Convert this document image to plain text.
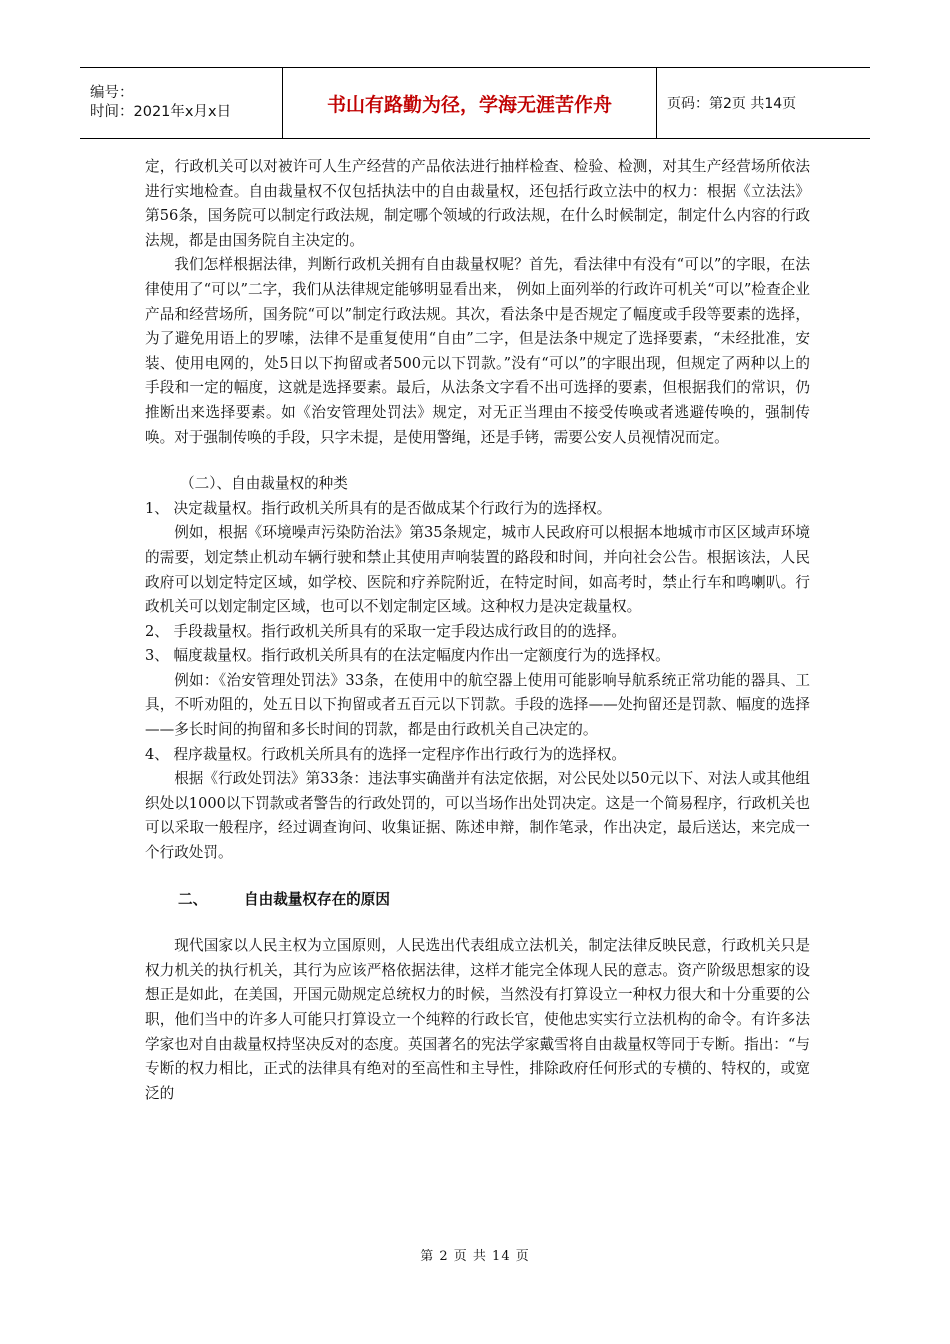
编号：
时间：2021年x月x日	书山有路勤为径，学海无涯苦作舟	页码：第2页 共14页

定，行政机关可以对被许可人生产经营的产品依法进行抽样检查、检验、检测，对其生产经营场所依法进行实地检查。自由裁量权不仅包括执法中的自由裁量权，还包括行政立法中的权力：根据《立法法》第56条，国务院可以制定行政法规，制定哪个领域的行政法规，在什么时候制定，制定什么内容的行政法规，都是由国务院自主决定的。

我们怎样根据法律，判断行政机关拥有自由裁量权呢？首先，看法律中有没有“可以”的字眼，在法律使用了“可以”二字，我们从法律规定能够明显看出来， 例如上面列举的行政许可机关“可以”检查企业产品和经营场所，国务院“可以”制定行政法规。其次，看法条中是否规定了幅度或手段等要素的选择，为了避免用语上的罗嗦，法律不是重复使用“自由”二字，但是法条中规定了选择要素，“未经批准，安装、使用电网的，处5日以下拘留或者500元以下罚款。”没有“可以”的字眼出现，但规定了两种以上的手段和一定的幅度，这就是选择要素。最后，从法条文字看不出可选择的要素，但根据我们的常识，仍推断出来选择要素。如《治安管理处罚法》规定，对无正当理由不接受传唤或者逃避传唤的，强制传唤。对于强制传唤的手段，只字未提，是使用警绳，还是手铐，需要公安人员视情况而定。

（二）、自由裁量权的种类

1、 决定裁量权。指行政机关所具有的是否做成某个行政行为的选择权。

例如，根据《环境噪声污染防治法》第35条规定，城市人民政府可以根据本地城市市区区域声环境的需要，划定禁止机动车辆行驶和禁止其使用声响装置的路段和时间，并向社会公告。根据该法，人民政府可以划定特定区域，如学校、医院和疗养院附近，在特定时间，如高考时，禁止行车和鸣喇叭。行政机关可以划定制定区域，也可以不划定制定区域。这种权力是决定裁量权。

2、 手段裁量权。指行政机关所具有的采取一定手段达成行政目的的选择。

3、 幅度裁量权。指行政机关所具有的在法定幅度内作出一定额度行为的选择权。

例如：《治安管理处罚法》33条，在使用中的航空器上使用可能影响导航系统正常功能的器具、工具，不听劝阻的，处五日以下拘留或者五百元以下罚款。手段的选择——处拘留还是罚款、幅度的选择——多长时间的拘留和多长时间的罚款，都是由行政机关自己决定的。

4、 程序裁量权。行政机关所具有的选择一定程序作出行政行为的选择权。

根据《行政处罚法》第33条：违法事实确凿并有法定依据，对公民处以50元以下、对法人或其他组织处以1000以下罚款或者警告的行政处罚的，可以当场作出处罚决定。这是一个简易程序，行政机关也可以采取一般程序，经过调查询问、收集证据、陈述申辩，制作笔录，作出决定，最后送达，来完成一个行政处罚。

二、	自由裁量权存在的原因

现代国家以人民主权为立国原则，人民选出代表组成立法机关，制定法律反映民意，行政机关只是权力机关的执行机关，其行为应该严格依据法律，这样才能完全体现人民的意志。资产阶级思想家的设想正是如此，在美国，开国元勋规定总统权力的时候，当然没有打算设立一种权力很大和十分重要的公职，他们当中的许多人可能只打算设立一个纯粹的行政长官，使他忠实实行立法机构的命令。有许多法学家也对自由裁量权持坚决反对的态度。英国著名的宪法学家戴雪将自由裁量权等同于专断。指出：“与专断的权力相比，正式的法律具有绝对的至高性和主导性，排除政府任何形式的专横的、特权的，或宽泛的

第 2 页 共 14 页
